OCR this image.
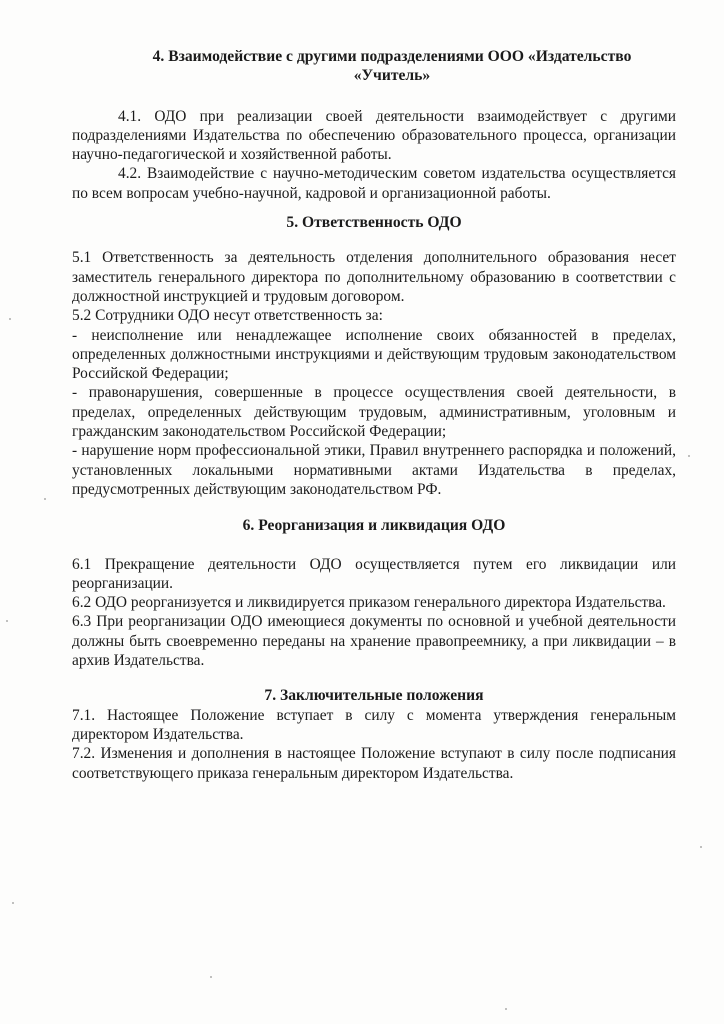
4. Взаимодействие с другими подразделениями ООО «Издательство
«Учитель»

4.1. ОДО при реализации своей деятельности взаимодействует с другими подразделениями Издательства по обеспечению образовательного процесса, организации научно-педагогической и хозяйственной работы.

4.2. Взаимодействие с научно-методическим советом издательства осуществляется по всем вопросам учебно-научной, кадровой и организационной работы.

5. Ответственность ОДО

5.1 Ответственность за деятельность отделения дополнительного образования несет заместитель генерального директора по дополнительному образованию в соответствии с должностной инструкцией и трудовым договором.

5.2 Сотрудники ОДО несут ответственность за:

- неисполнение или ненадлежащее исполнение своих обязанностей в пределах, определенных должностными инструкциями и действующим трудовым законодательством Российской Федерации;

- правонарушения, совершенные в процессе осуществления своей деятельности, в пределах, определенных действующим трудовым, административным, уголовным и гражданским законодательством Российской Федерации;

- нарушение норм профессиональной этики, Правил внутреннего распорядка и положений, установленных локальными нормативными актами Издательства в пределах, предусмотренных действующим законодательством РФ.

6. Реорганизация и ликвидация ОДО

6.1 Прекращение деятельности ОДО осуществляется путем его ликвидации или реорганизации.

6.2 ОДО реорганизуется и ликвидируется приказом генерального директора Издательства.

6.3 При реорганизации ОДО имеющиеся документы по основной и учебной деятельности должны быть своевременно переданы на хранение правопреемнику, а при ликвидации – в архив Издательства.

7. Заключительные положения

7.1. Настоящее Положение вступает в силу с момента утверждения генеральным директором Издательства.

7.2. Изменения и дополнения в настоящее Положение вступают в силу после подписания соответствующего приказа генеральным директором Издательства.
